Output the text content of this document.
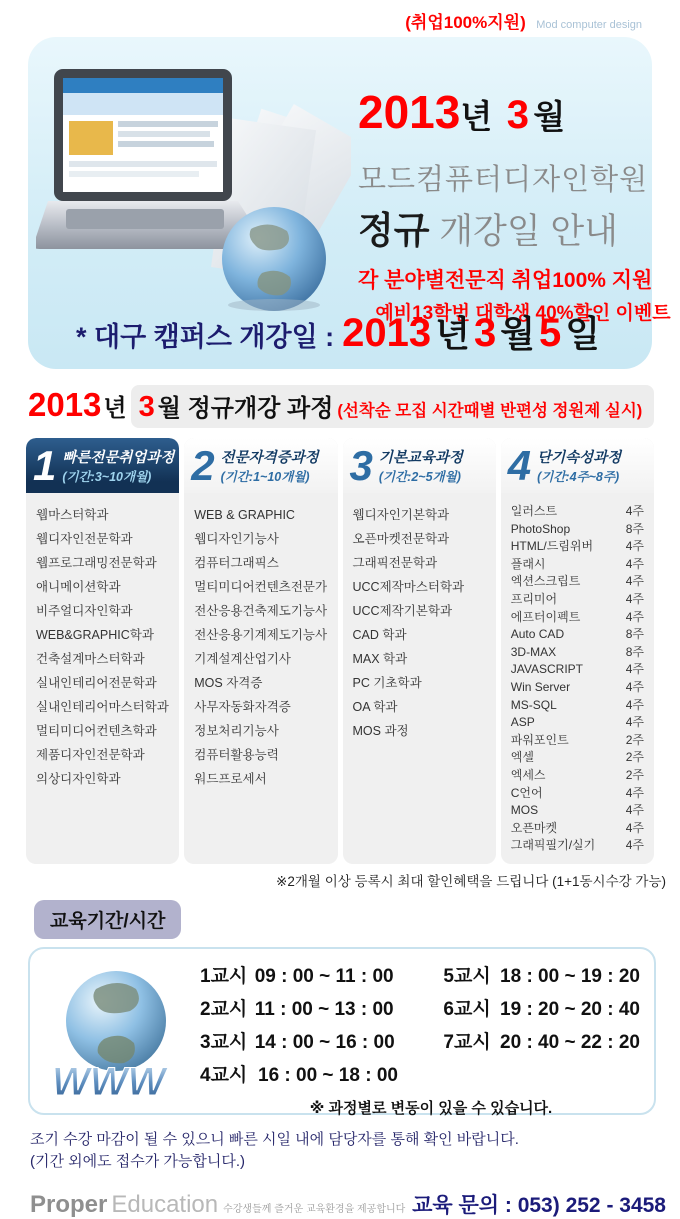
(취업100%지원) Mod computer design
2013년 3 월
모드컴퓨터디자인학원
정규 개강일 안내
각 분야별전문직 취업100% 지원
예비13학번 대학생 40%할인 이벤트
* 대구 캠퍼스 개강일 : 2013 년 3 월 5 일
2013 년 3 월 정규개강 과정 (선착순 모집 시간때별 반편성 정원제 실시)
1 빠른전문취업과정
(기간:3~10개월)
웹마스터학과
웹디자인전문학과
웹프로그래밍전문학과
애니메이션학과
비주얼디자인학과
WEB&GRAPHIC학과
건축설계마스터학과
실내인테리어전문학과
실내인테리어마스터학과
멀티미디어컨텐츠학과
제품디자인전문학과
의상디자인학과
2 전문자격증과정
(기간:1~10개월)
WEB & GRAPHIC
웹디자인기능사
컴퓨터그래픽스
멀티미디어컨텐츠전문가
전산응용건축제도기능사
전산응용기계제도기능사
기계설계산업기사
MOS 자격증
사무자동화자격증
정보처리기능사
컴퓨터활용능력
워드프로세서
3 기본교육과정
(기간:2~5개월)
웹디자인기본학과
오픈마켓전문학과
그래픽전문학과
UCC제작마스터학과
UCC제작기본학과
CAD 학과
MAX 학과
PC 기초학과
OA 학과
MOS 과정
4 단기속성과정
(기간:4주~8주)
일러스트	4주
PhotoShop	8주
HTML/드림위버	4주
플래시	4주
엑션스크립트	4주
프리미어	4주
에프터이펙트	4주
Auto CAD	8주
3D-MAX	8주
JAVASCRIPT	4주
Win Server	4주
MS-SQL	4주
ASP	4주
파워포인트	2주
엑셀	2주
엑세스	2주
C언어	4주
MOS	4주
오픈마켓	4주
그래픽필기/실기	4주
※2개월 이상 등록시 최대 할인혜택을 드립니다 (1+1동시수강 가능)
교육기간/시간
WWW
1교시 09 : 00 ~ 11 : 00	5교시 18 : 00 ~ 19 : 20
2교시 11 : 00 ~ 13 : 00	6교시 19 : 20 ~ 20 : 40
3교시 14 : 00 ~ 16 : 00	7교시 20 : 40 ~ 22 : 20
4교시 16 : 00 ~ 18 : 00
※ 과정별로 변동이 있을 수 있습니다.
조기 수강 마감이 될 수 있으니 빠른 시일 내에 담당자를 통해 확인 바랍니다.
(기간 외에도 접수가 가능합니다.)
Proper Education 수강생들께 즐거운 교육환경을 제공합니다 교육 문의 : 053) 252 - 3458
